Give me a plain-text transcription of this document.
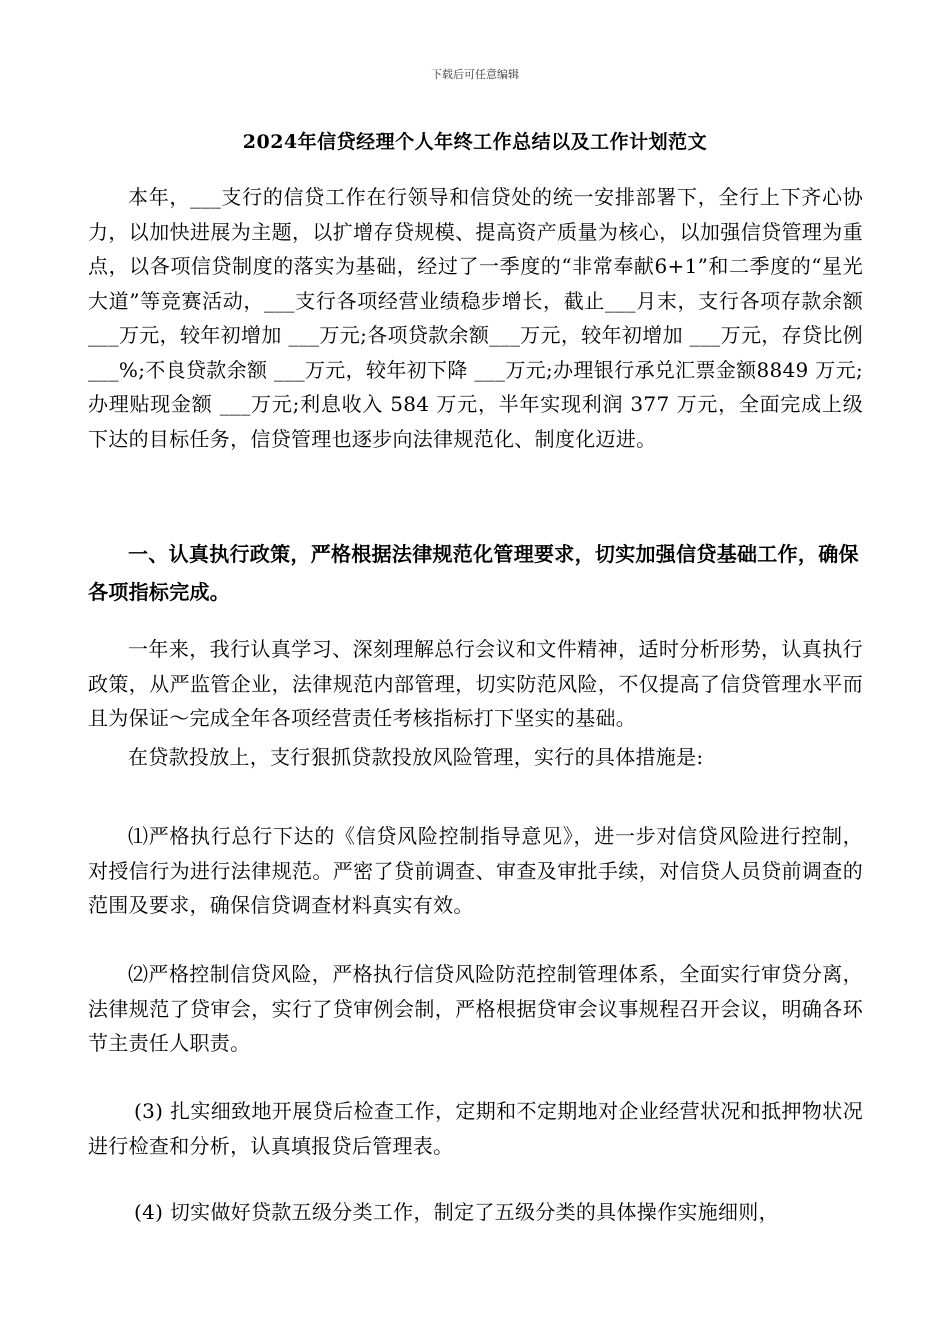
下载后可任意编辑
2024年信贷经理个人年终工作总结以及工作计划范文

本年，___支行的信贷工作在行领导和信贷处的统一安排部署下，全行上下齐心协力，以加快进展为主题，以扩增存贷规模、提高资产质量为核心，以加强信贷管理为重点，以各项信贷制度的落实为基础，经过了一季度的“非常奉献6+1”和二季度的“星光大道”等竞赛活动，___支行各项经营业绩稳步增长，截止___月末，支行各项存款余额___万元，较年初增加 ___万元;各项贷款余额___万元，较年初增加 ___万元，存贷比例 ___%;不良贷款余额 ___万元，较年初下降 ___万元;办理银行承兑汇票金额8849 万元;办理贴现金额 ___万元;利息收入 584 万元，半年实现利润 377 万元，全面完成上级下达的目标任务，信贷管理也逐步向法律规范化、制度化迈进。

一、认真执行政策，严格根据法律规范化管理要求，切实加强信贷基础工作，确保各项指标完成。

一年来，我行认真学习、深刻理解总行会议和文件精神，适时分析形势，认真执行政策，从严监管企业，法律规范内部管理，切实防范风险，不仅提高了信贷管理水平而且为保证～完成全年各项经营责任考核指标打下坚实的基础。

在贷款投放上，支行狠抓贷款投放风险管理，实行的具体措施是:

⑴严格执行总行下达的《信贷风险控制指导意见》，进一步对信贷风险进行控制，对授信行为进行法律规范。严密了贷前调查、审查及审批手续，对信贷人员贷前调查的范围及要求，确保信贷调查材料真实有效。

⑵严格控制信贷风险，严格执行信贷风险防范控制管理体系，全面实行审贷分离，法律规范了贷审会，实行了贷审例会制，严格根据贷审会议事规程召开会议，明确各环节主责任人职责。

(3) 扎实细致地开展贷后检查工作，定期和不定期地对企业经营状况和抵押物状况进行检查和分析，认真填报贷后管理表。

(4) 切实做好贷款五级分类工作，制定了五级分类的具体操作实施细则，
